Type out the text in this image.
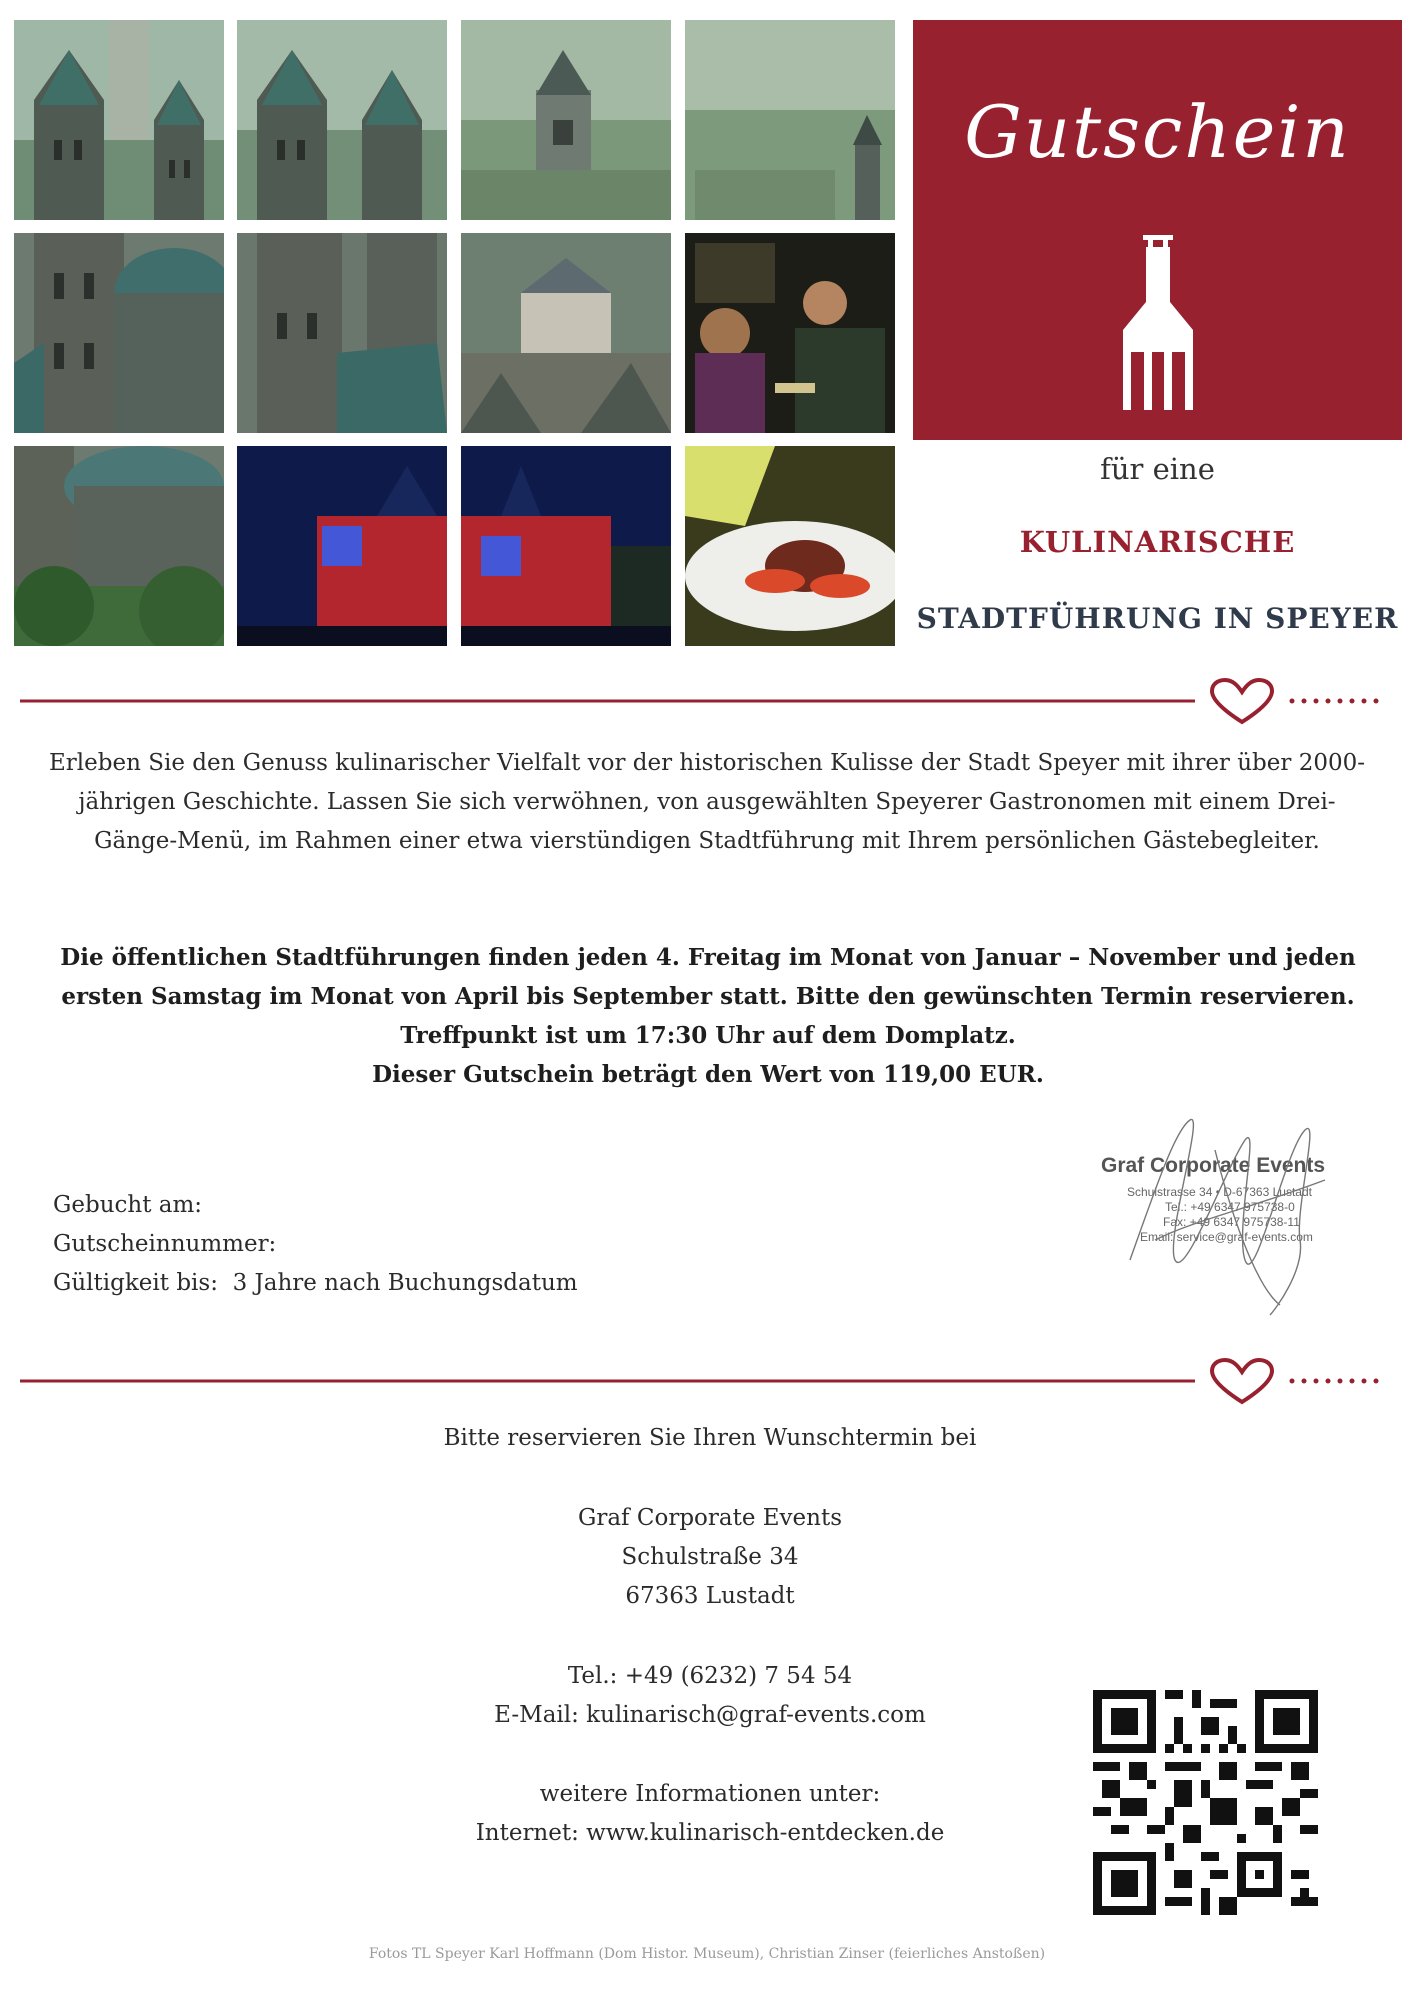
Gutschein
für eine
KULINARISCHE
STADTFÜHRUNG IN SPEYER
Erleben Sie den Genuss kulinarischer Vielfalt vor der historischen Kulisse der Stadt Speyer mit ihrer über 2000-jährigen Geschichte. Lassen Sie sich verwöhnen, von ausgewählten Speyerer Gastronomen mit einem Drei-Gänge-Menü, im Rahmen einer etwa vierstündigen Stadtführung mit Ihrem persönlichen Gästebegleiter.
Die öffentlichen Stadtführungen finden jeden 4. Freitag im Monat von Januar – November und jeden ersten Samstag im Monat von April bis September statt. Bitte den gewünschten Termin reservieren. Treffpunkt ist um 17:30 Uhr auf dem Domplatz.
Dieser Gutschein beträgt den Wert von 119,00 EUR.
Gebucht am:
Gutscheinnummer:
Gültigkeit bis:  3 Jahre nach Buchungsdatum
Graf Corporate Events
Schulstrasse 34 • D-67363 Lustadt
Tel.: +49 6347 975738-0
Fax: +49 6347 975738-11
Email: service@graf-events.com
Bitte reservieren Sie Ihren Wunschtermin bei
Graf Corporate Events
Schulstraße 34
67363 Lustadt
Tel.: +49 (6232) 7 54 54
E-Mail: kulinarisch@graf-events.com
weitere Informationen unter:
Internet: www.kulinarisch-entdecken.de
Fotos TL Speyer Karl Hoffmann (Dom Histor. Museum), Christian Zinser (feierliches Anstoßen)
